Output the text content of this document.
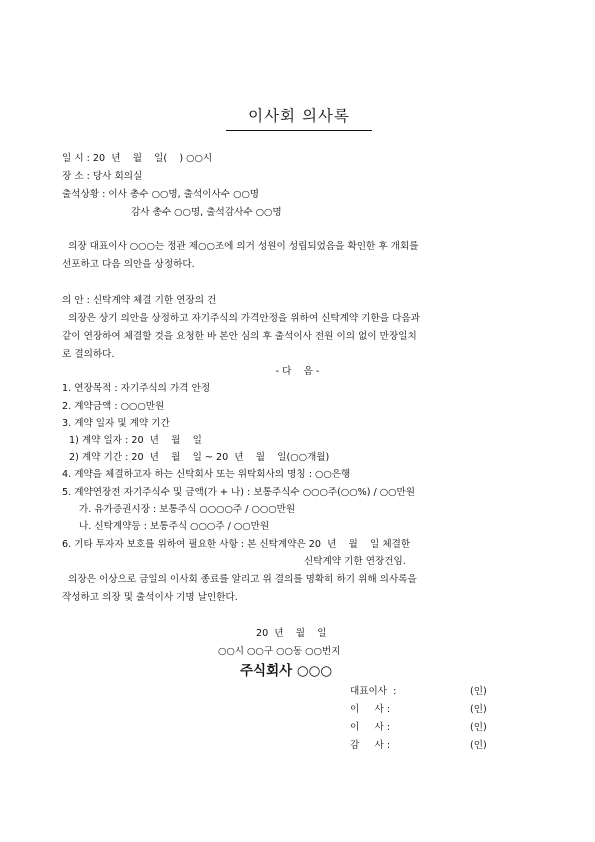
이사회 의사록
일 시 : 20  년    월    일(    ) ○○시
장 소 : 당사 회의실
출석상황 : 이사 총수 ○○명, 출석이사수 ○○명
감사 총수 ○○명, 출석감사수 ○○명
의장 대표이사 ○○○는 정관 제○○조에 의거 성원이 성립되었음을 확인한 후 개회를
선포하고 다음 의안을 상정하다.
의 안 : 신탁계약 체결 기한 연장의 건
의장은 상기 의안을 상정하고 자기주식의 가격안정을 위하여 신탁계약 기한을 다음과
같이 연장하여 체결할 것을 요청한 바 본안 심의 후 출석이사 전원 이의 없이 만장일치
로 결의하다.
- 다    음 -
1. 연장목적 : 자기주식의 가격 안정
2. 계약금액 : ○○○만원
3. 계약 일자 및 계약 기간
1) 계약 일자 : 20  년    월    일
2) 계약 기간 : 20  년    월    일 ~ 20  년    월    일(○○개월)
4. 계약을 체결하고자 하는 신탁회사 또는 위탁회사의 명칭 : ○○은행
5. 계약연장전 자기주식수 및 금액(가 + 나) : 보통주식수 ○○○주(○○%) / ○○만원
가. 유가증권시장 : 보통주식 ○○○○주 / ○○○만원
나. 신탁계약등 : 보통주식 ○○○주 / ○○만원
6. 기타 투자자 보호를 위하여 필요한 사항 : 본 신탁계약은 20  년    월    일 체결한
신탁계약 기한 연장건임.
의장은 이상으로 금일의 이사회 종료를 알리고 위 결의를 명확히 하기 위해 의사록을
작성하고 의장 및 출석이사 기명 날인한다.
20  년    월    일
○○시 ○○구 ○○동 ○○번지
주식회사 ○○○
대표이사  :	(인)
이     사 :	(인)
이     사 :	(인)
감     사 :	(인)
